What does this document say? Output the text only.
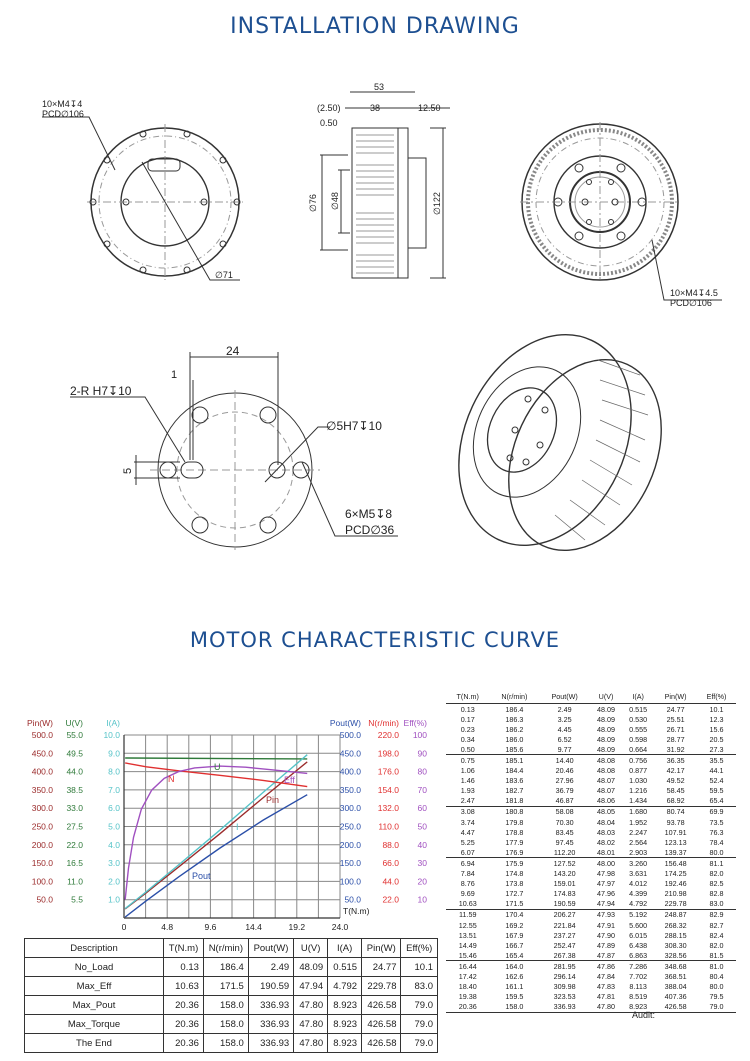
INSTALLATION DRAWING
MOTOR CHARACTERISTIC CURVE
10×M4↧4
PCD∅106
∅71
53
(2.50)	38	12.50
0.50
∅76 ∅48	∅122
10×M4↧4.5
PCD∅106
24
1
2-R H7↧10
5
∅5H7↧10
6×M5↧8
PCD∅36
Pin(W)
500.0
450.0
400.0
350.0
300.0
250.0
200.0
150.0
100.0
50.0
U(V)
55.0
49.5
44.0
38.5
33.0
27.5
22.0
16.5
11.0
5.5
I(A)
10.0
9.0
8.0
7.0
6.0
5.0
4.0
3.0
2.0
1.0
Pout(W)
500.0
450.0
400.0
350.0
300.0
250.0
200.0
150.0
100.0
50.0
N(r/min)
220.0
198.0
176.0
154.0
132.0
110.0
88.0
66.0
44.0
22.0
Eff(%)
100
90
80
70
60
50
40
30
20
10
0	4.8	9.6	14.4	19.2	24.0
T(N.m)
N
U
Eff
I
Pin
Pout
Description	T(N.m)	N(r/min)	Pout(W)	U(V)	I(A)	Pin(W)	Eff(%)
No_Load	0.13	186.4	2.49	48.09	0.515	24.77	10.1
Max_Eff	10.63	171.5	190.59	47.94	4.792	229.78	83.0
Max_Pout	20.36	158.0	336.93	47.80	8.923	426.58	79.0
Max_Torque	20.36	158.0	336.93	47.80	8.923	426.58	79.0
The End	20.36	158.0	336.93	47.80	8.923	426.58	79.0
T(N.m)	N(r/min)	Pout(W)	U(V)	I(A)	Pin(W)	Eff(%)
0.13	186.4	2.49	48.09	0.515	24.77	10.1
0.17	186.3	3.25	48.09	0.530	25.51	12.3
0.23	186.2	4.45	48.09	0.555	26.71	15.6
0.34	186.0	6.52	48.09	0.598	28.77	20.5
0.50	185.6	9.77	48.09	0.664	31.92	27.3
0.75	185.1	14.40	48.08	0.756	36.35	35.5
1.06	184.4	20.46	48.08	0.877	42.17	44.1
1.46	183.6	27.96	48.07	1.030	49.52	52.4
1.93	182.7	36.79	48.07	1.216	58.45	59.5
2.47	181.8	46.87	48.06	1.434	68.92	65.4
3.08	180.8	58.08	48.05	1.680	80.74	69.9
3.74	179.8	70.30	48.04	1.952	93.78	73.5
4.47	178.8	83.45	48.03	2.247	107.91	76.3
5.25	177.9	97.45	48.02	2.564	123.13	78.4
6.07	176.9	112.20	48.01	2.903	139.37	80.0
6.94	175.9	127.52	48.00	3.260	156.48	81.1
7.84	174.8	143.20	47.98	3.631	174.25	82.0
8.76	173.8	159.01	47.97	4.012	192.46	82.5
9.69	172.7	174.83	47.96	4.399	210.98	82.8
10.63	171.5	190.59	47.94	4.792	229.78	83.0
11.59	170.4	206.27	47.93	5.192	248.87	82.9
12.55	169.2	221.84	47.91	5.600	268.32	82.7
13.51	167.9	237.27	47.90	6.015	288.15	82.4
14.49	166.7	252.47	47.89	6.438	308.30	82.0
15.46	165.4	267.38	47.87	6.863	328.56	81.5
16.44	164.0	281.95	47.86	7.286	348.68	81.0
17.42	162.6	296.14	47.84	7.702	368.51	80.4
18.40	161.1	309.98	47.83	8.113	388.04	80.0
19.38	159.5	323.53	47.81	8.519	407.36	79.5
20.36	158.0	336.93	47.80	8.923	426.58	79.0
Audit:
